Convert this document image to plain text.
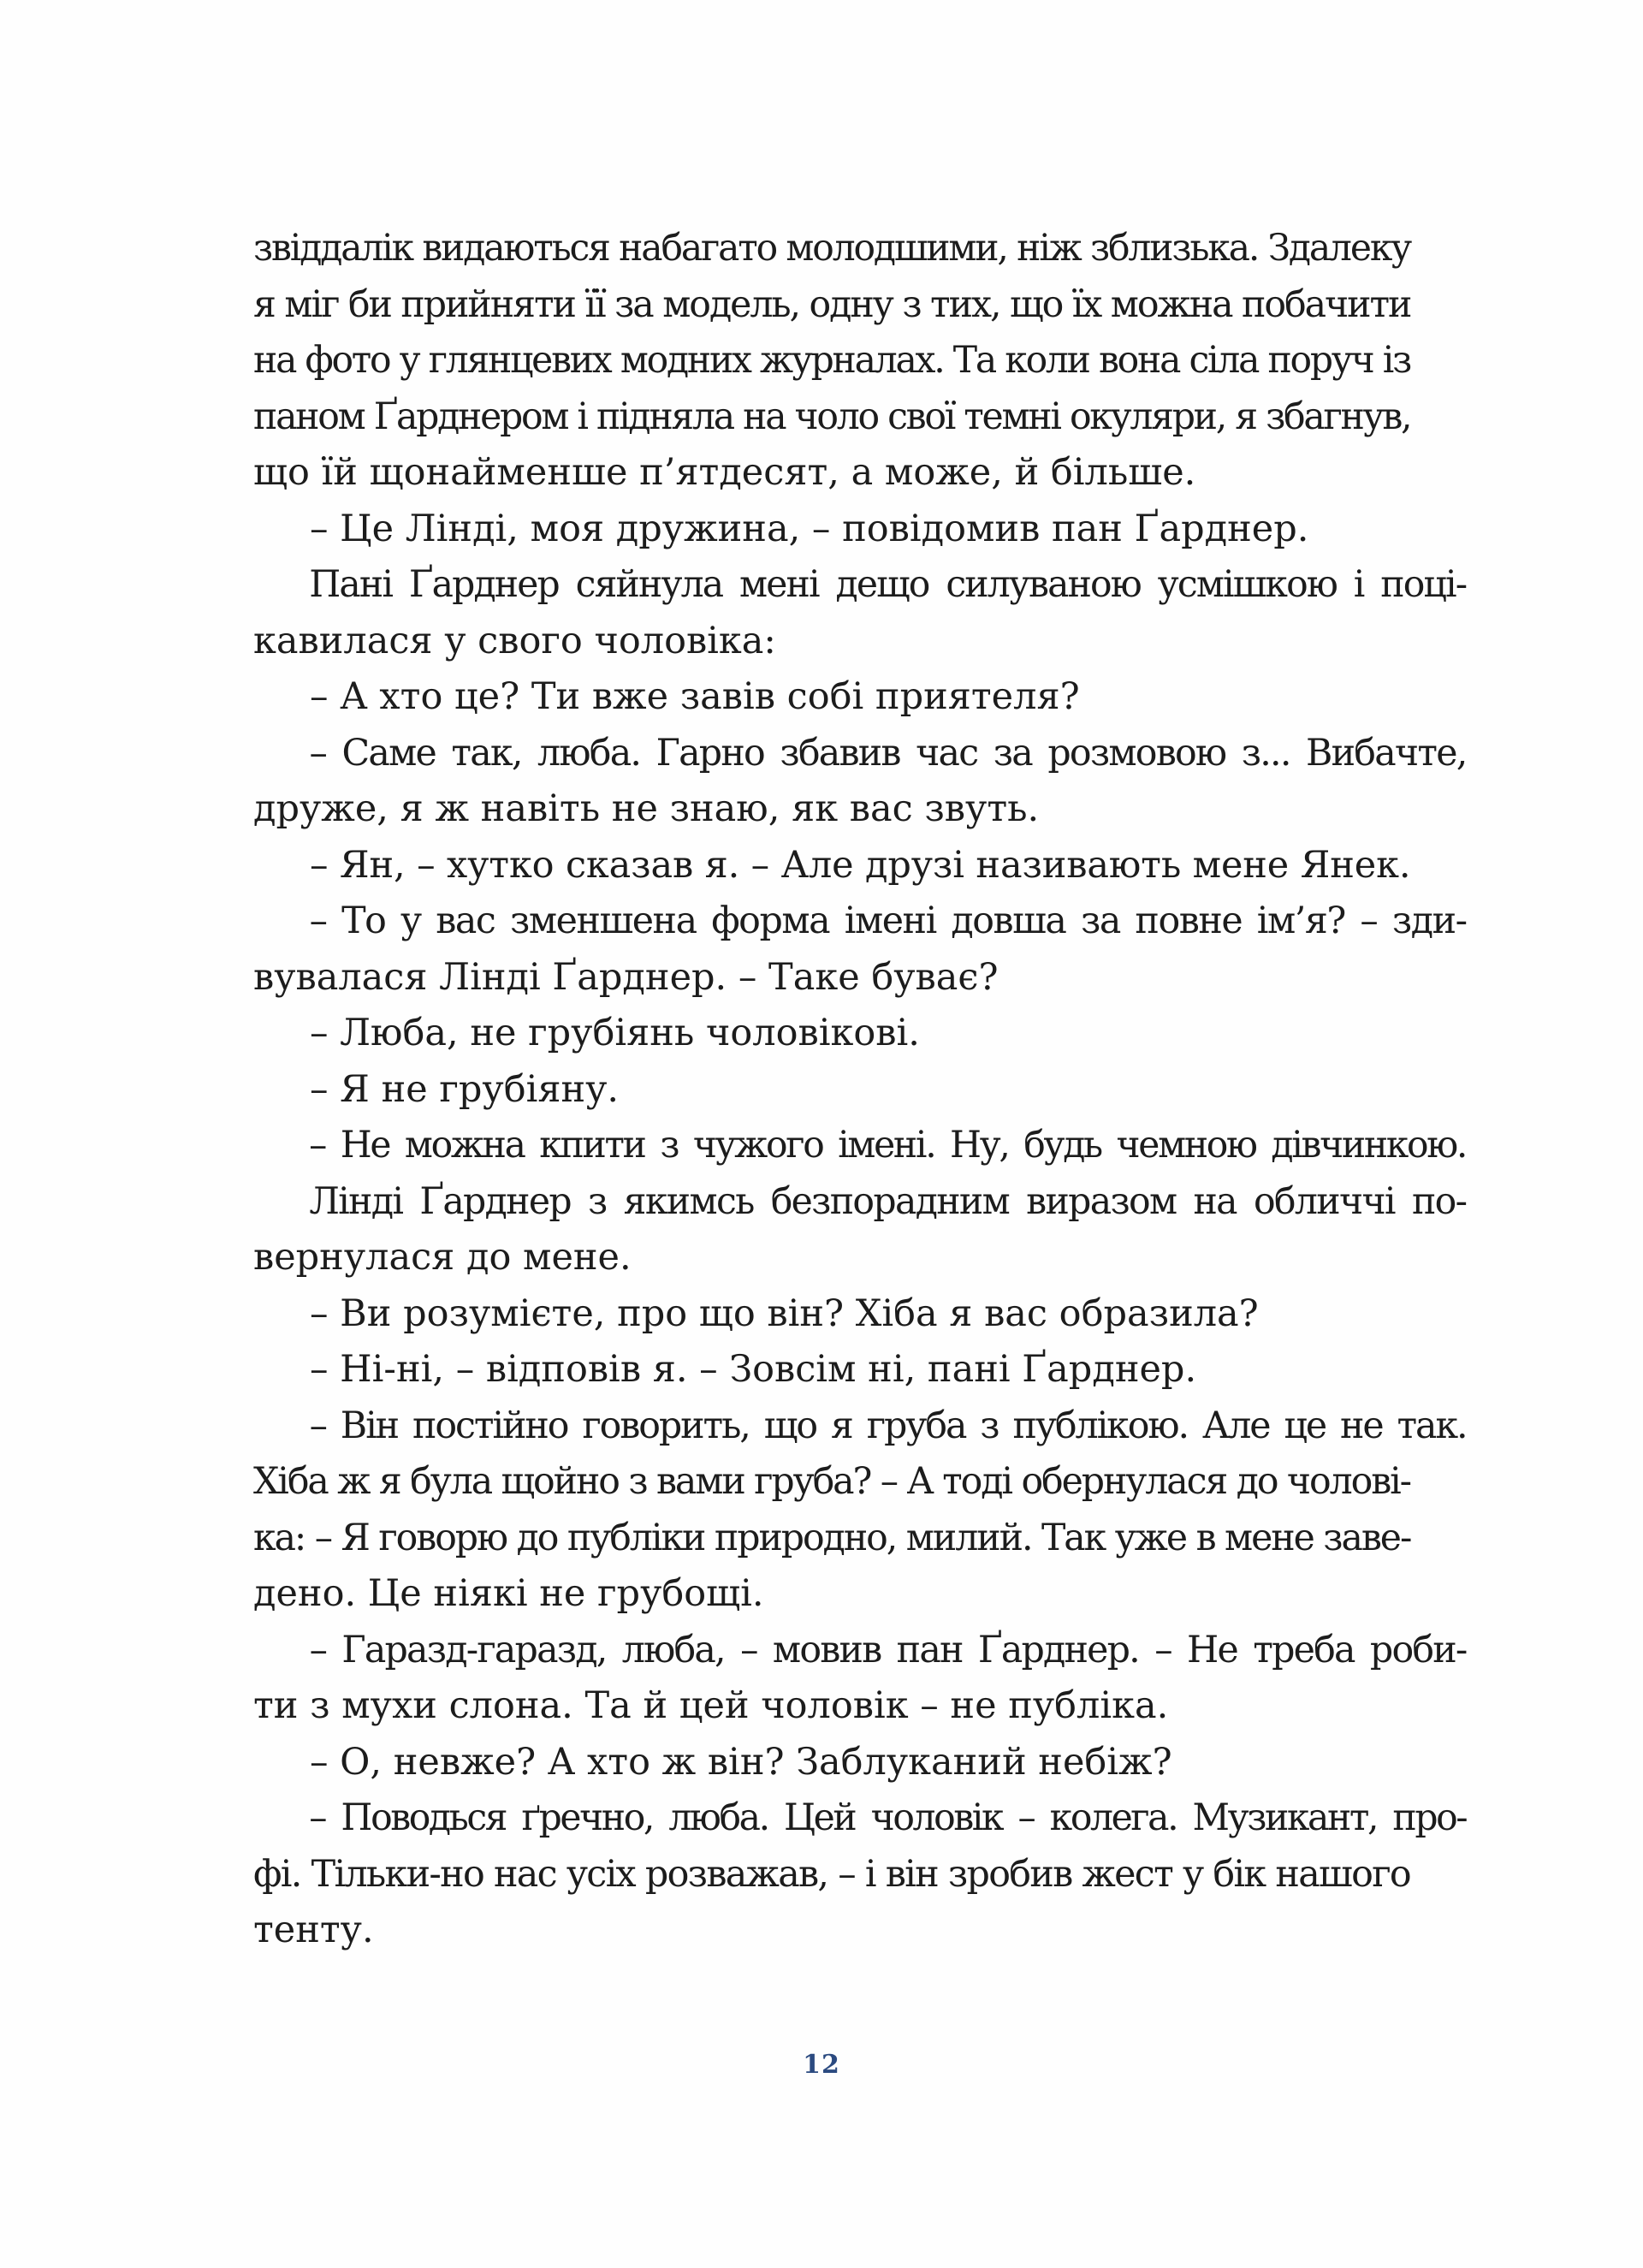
звіддалік видаються набагато молодшими, ніж зблизька. Здалеку
я міг би прийняти її за модель, одну з тих, що їх можна побачити
на фото у глянцевих модних журналах. Та коли вона сіла поруч із
паном Ґарднером і підняла на чоло свої темні окуляри, я збагнув,
що їй щонайменше п’ятдесят, а може, й більше.
– Це Лінді, моя дружина, – повідомив пан Ґарднер.
Пані Ґарднер сяйнула мені дещо силуваною усмішкою і поці-
кавилася у свого чоловіка:
– А хто це? Ти вже завів собі приятеля?
– Саме так, люба. Гарно збавив час за розмовою з... Вибачте,
друже, я ж навіть не знаю, як вас звуть.
– Ян, – хутко сказав я. – Але друзі називають мене Янек.
– То у вас зменшена форма імені довша за повне ім’я? – зди-
вувалася Лінді Ґарднер. – Таке буває?
– Люба, не грубіянь чоловікові.
– Я не грубіяну.
– Не можна кпити з чужого імені. Ну, будь чемною дівчинкою.
Лінді Ґарднер з якимсь безпорадним виразом на обличчі по-
вернулася до мене.
– Ви розумієте, про що він? Хіба я вас образила?
– Ні-ні, – відповів я. – Зовсім ні, пані Ґарднер.
– Він постійно говорить, що я груба з публікою. Але це не так.
Хіба ж я була щойно з вами груба? – А тоді обернулася до чолові-
ка: – Я говорю до публіки природно, милий. Так уже в мене заве-
дено. Це ніякі не грубощі.
– Гаразд-гаразд, люба, – мовив пан Ґарднер. – Не треба роби-
ти з мухи слона. Та й цей чоловік – не публіка.
– О, невже? А хто ж він? Заблуканий небіж?
– Поводься ґречно, люба. Цей чоловік – колега. Музикант, про-
фі. Тільки-но нас усіх розважав, – і він зробив жест у бік нашого
тенту.
12
